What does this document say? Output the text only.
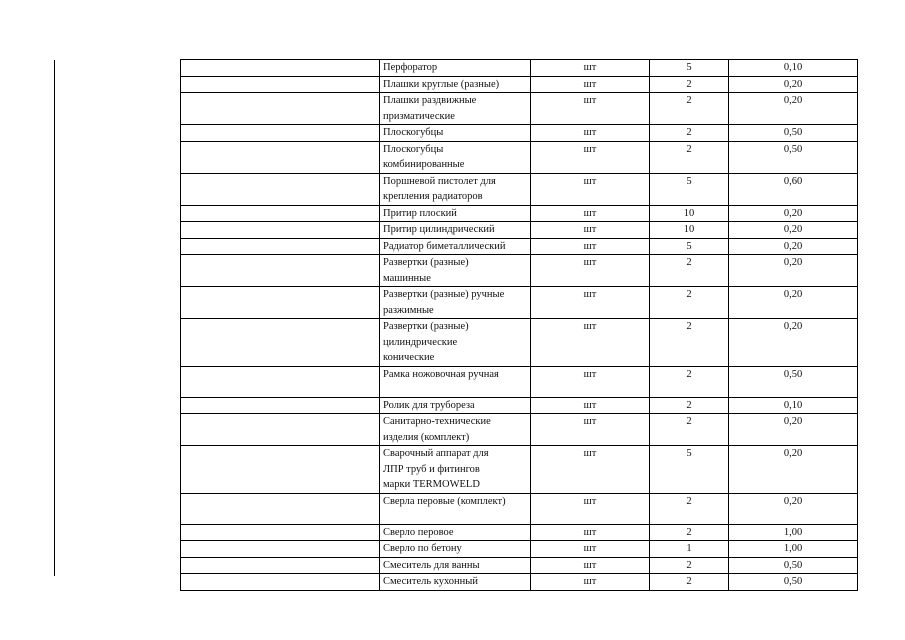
	Перфоратор	шт	5	0,10

	Плашки круглые (разные)	шт	2	0,20

	Плашки раздвижные
призматические	шт	2	0,20

	Плоскогубцы	шт	2	0,50

	Плоскогубцы
комбинированные	шт	2	0,50

	Поршневой пистолет для
крепления радиаторов	шт	5	0,60

	Притир плоский	шт	10	0,20

	Притир цилиндрический	шт	10	0,20

	Радиатор биметаллический	шт	5	0,20

	Развертки (разные)
машинные	шт	2	0,20

	Развертки (разные) ручные
разжимные	шт	2	0,20

	Развертки (разные)
цилиндрические
конические	шт	2	0,20

	Рамка ножовочная ручная	шт	2	0,50

	Ролик для трубореза	шт	2	0,10

	Санитарно-технические
изделия (комплект)	шт	2	0,20

	Сварочный аппарат для
ЛПР труб и фитингов
марки TERMOWELD	шт	5	0,20

	Сверла перовые (комплект)	шт	2	0,20

	Сверло перовое	шт	2	1,00

	Сверло по бетону	шт	1	1,00

	Смеситель для ванны	шт	2	0,50

	Смеситель кухонный	шт	2	0,50
